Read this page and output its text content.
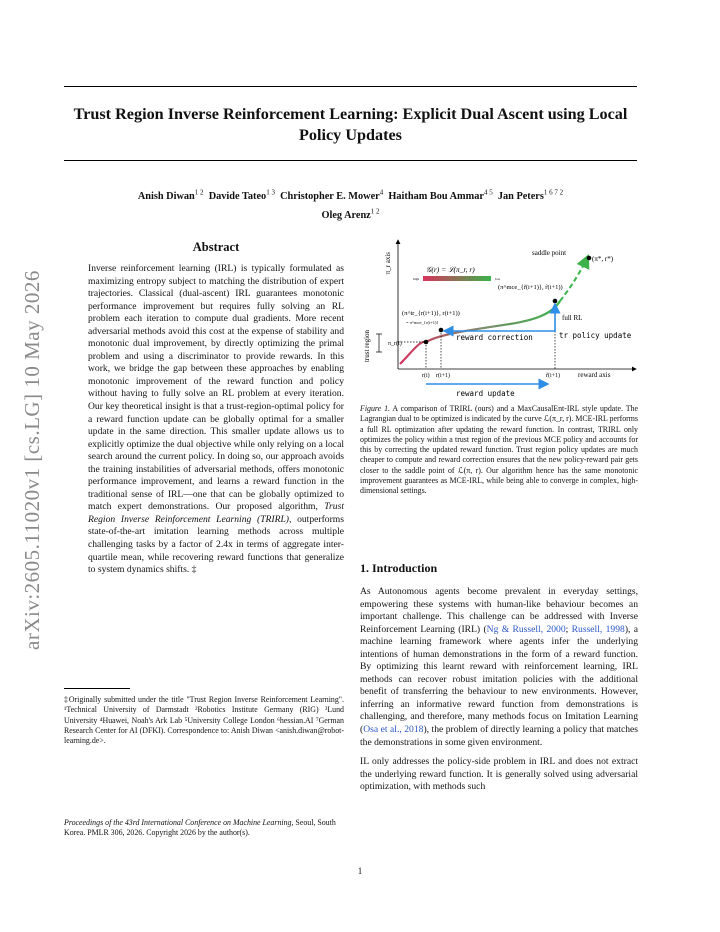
Trust Region Inverse Reinforcement Learning: Explicit Dual Ascent using Local Policy Updates
Anish Diwan$^{1 2}$ Davide Tateo$^{1 3}$ Christopher E. Mower$^4$ Haitham Bou Ammar$^{4 5}$ Jan Peters$^{1 6 7 2}$
Oleg Arenz$^{1 2}$
arXiv:2605.11020v1 [cs.LG] 10 May 2026
Abstract
Inverse reinforcement learning (IRL) is typically formulated as maximizing entropy subject to matching the distribution of expert trajectories. Classical (dual-ascent) IRL guarantees monotonic performance improvement but requires fully solving an RL problem each iteration to compute dual gradients. More recent adversarial methods avoid this cost at the expense of stability and monotonic dual improvement, by directly optimizing the primal problem and using a discriminator to provide rewards. In this work, we bridge the gap between these approaches by enabling monotonic improvement of the reward function and policy without having to fully solve an RL problem at every iteration. Our key theoretical insight is that a trust-region-optimal policy for a reward function update can be globally optimal for a smaller update in the same direction. This smaller update allows us to explicitly optimize the dual objective while only relying on a local search around the current policy. In doing so, our approach avoids the training instabilities of adversarial methods, offers monotonic performance improvement, and learns a reward function in the traditional sense of IRL—one that can be globally optimized to match expert demonstrations. Our proposed algorithm, Trust Region Inverse Reinforcement Learning (TRIRL), outperforms state-of-the-art imitation learning methods across multiple challenging tasks by a factor of 2.4x in terms of aggregate inter-quartile mean, while recovering reward functions that generalize to system dynamics shifts. ‡
‡Originally submitted under the title "Trust Region Inverse Reinforcement Learning". ¹Technical University of Darmstadt ²Robotics Institute Germany (RIG) ³Lund University ⁴Huawei, Noah's Ark Lab ⁵University College London ⁶hessian.AI ⁷German Research Center for AI (DFKI). Correspondence to: Anish Diwan <anish.diwan@robot-learning.de>.
Proceedings of the 43rd International Conference on Machine Learning, Seoul, South Korea. PMLR 306, 2026. Copyright 2026 by the author(s).
π_r axis
trust region	π_r(i)
𝒢(r) = ℒ(π_r, r)
high	low
(π^tr_{r(i+1)}, r(i+1))
= π^mce_{r(i+1)}
(π^mce_{r̃(i+1)}, r̃(i+1))
saddle point
(π*, r*)
full RL
reward correction	tr policy update
r(i) r(i+1)	r̃(i+1)	reward axis
reward update
Figure 1. A comparison of TRIRL (ours) and a MaxCausalEnt-IRL style update. The Lagrangian dual to be optimized is indicated by the curve ℒ(π_r, r). MCE-IRL performs a full RL optimization after updating the reward function. In contrast, TRIRL only optimizes the policy within a trust region of the previous MCE policy and accounts for this by correcting the updated reward function. Trust region policy updates are much cheaper to compute and reward correction ensures that the new policy-reward pair gets closer to the saddle point of ℒ(π, r). Our algorithm hence has the same monotonic improvement guarantees as MCE-IRL, while being able to converge in complex, high-dimensional settings.
1. Introduction

As Autonomous agents become prevalent in everyday settings, empowering these systems with human-like behaviour becomes an important challenge. This challenge can be addressed with Inverse Reinforcement Learning (IRL) (Ng & Russell, 2000; Russell, 1998), a machine learning framework where agents infer the underlying intentions of human demonstrations in the form of a reward function. By optimizing this learnt reward with reinforcement learning, IRL methods can recover robust imitation policies with the additional benefit of transferring the behaviour to new environments. However, inferring an informative reward function from demonstrations is challenging, and therefore, many methods focus on Imitation Learning (Osa et al., 2018), the problem of directly learning a policy that matches the demonstrations in some given environment.

IL only addresses the policy-side problem in IRL and does not extract the underlying reward function. It is generally solved using adversarial optimization, with methods such

1
